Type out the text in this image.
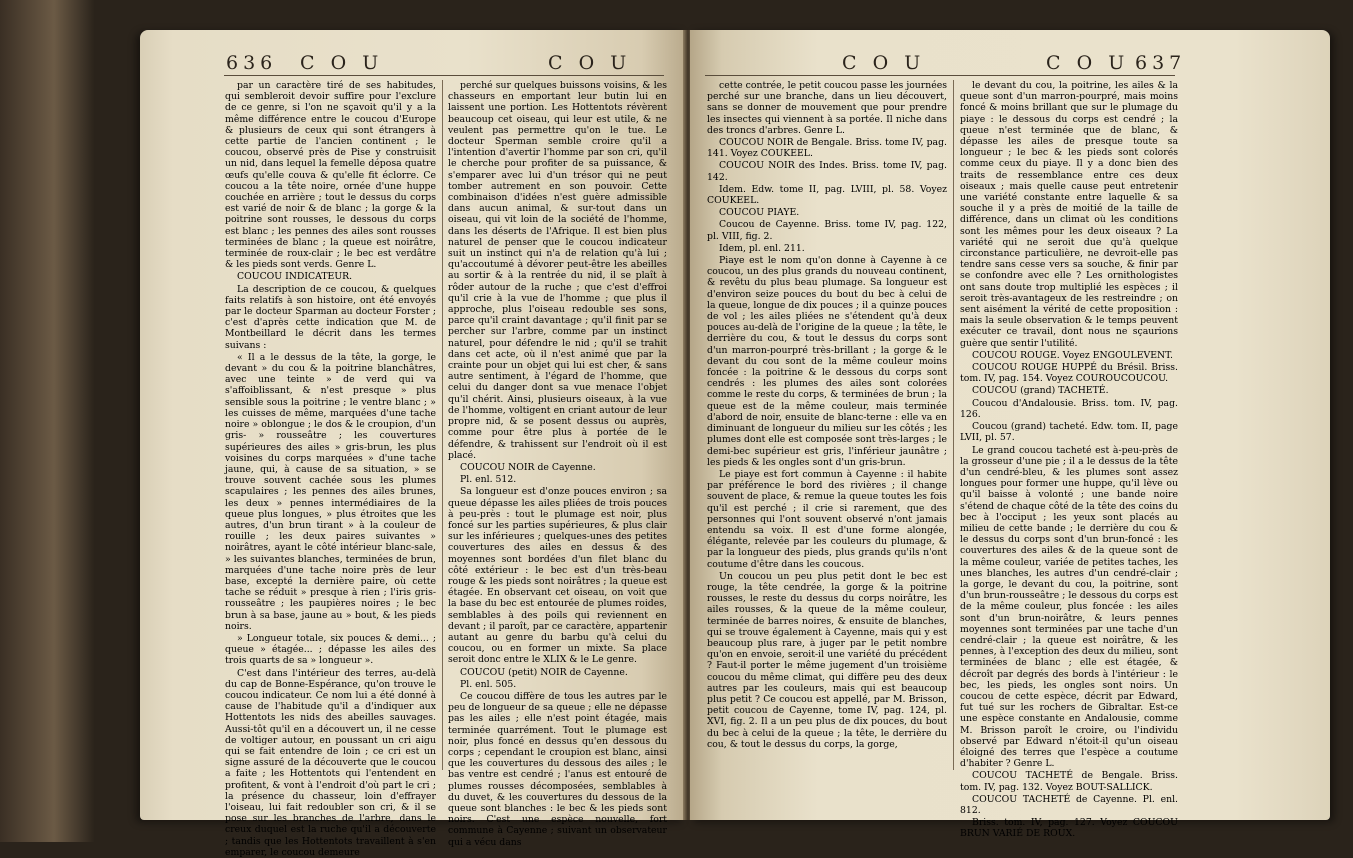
636 C O U	C O U

par un caractère tiré de ses habitudes, qui sembleroit devoir suffire pour l'exclure de ce genre, si l'on ne sçavoit qu'il y a la même différence entre le coucou d'Europe & plusieurs de ceux qui sont étrangers à cette partie de l'ancien continent ; le coucou, observé près de Pise y construisit un nid, dans lequel la femelle déposa quatre œufs qu'elle couva & qu'elle fit éclorre. Ce coucou a la tête noire, ornée d'une huppe couchée en arrière ; tout le dessus du corps est varié de noir & de blanc ; la gorge & la poitrine sont rousses, le dessous du corps est blanc ; les pennes des ailes sont rousses terminées de blanc ; la queue est noirâtre, terminée de roux-clair ; le bec est verdâtre & les pieds sont verds. Genre L.

COUCOU INDICATEUR.

La description de ce coucou, & quelques faits relatifs à son histoire, ont été envoyés par le docteur Sparman au docteur Forster ; c'est d'après cette indication que M. de Montbeillard le décrit dans les termes suivans :

« Il a le dessus de la tête, la gorge, le devant » du cou & la poitrine blanchâtres, avec une teinte » de verd qui va s'affoiblissant, & n'est presque » plus sensible sous la poitrine ; le ventre blanc ; » les cuisses de même, marquées d'une tache noire » oblongue ; le dos & le croupion, d'un gris- » rousseâtre ; les couvertures supérieures des ailes » gris-brun, les plus voisines du corps marquées » d'une tache jaune, qui, à cause de sa situation, » se trouve souvent cachée sous les plumes scapulaires ; les pennes des ailes brunes, les deux » pennes intermédiaires de la queue plus longues, » plus étroites que les autres, d'un brun tirant » à la couleur de rouille ; les deux paires suivantes » noirâtres, ayant le côté intérieur blanc-sale, » les suivantes blanches, terminées de brun, marquées d'une tache noire près de leur base, excepté la dernière paire, où cette tache se réduit » presque à rien ; l'iris gris-rousseâtre ; les paupières noires ; le bec brun à sa base, jaune au » bout, & les pieds noirs.

» Longueur totale, six pouces & demi... ; queue » étagée... ; dépasse les ailes des trois quarts de sa » longueur ».

C'est dans l'intérieur des terres, au-delà du cap de Bonne-Espérance, qu'on trouve le coucou indicateur. Ce nom lui a été donné à cause de l'habitude qu'il a d'indiquer aux Hottentots les nids des abeilles sauvages. Aussi-tôt qu'il en a découvert un, il ne cesse de voltiger autour, en poussant un cri aigu qui se fait entendre de loin ; ce cri est un signe assuré de la découverte que le coucou a faite ; les Hottentots qui l'entendent en profitent, & vont à l'endroit d'où part le cri ; la présence du chasseur, loin d'effrayer l'oiseau, lui fait redoubler son cri, & il se pose sur les branches de l'arbre, dans le creux duquel est la ruche qu'il a découverte ; tandis que les Hottentots travaillent à s'en emparer, le coucou demeure

perché sur quelques buissons voisins, & les chasseurs en emportant leur butin lui en laissent une portion. Les Hottentots révèrent beaucoup cet oiseau, qui leur est utile, & ne veulent pas permettre qu'on le tue. Le docteur Sperman semble croire qu'il a l'intention d'avertir l'homme par son cri, qu'il le cherche pour profiter de sa puissance, & s'emparer avec lui d'un trésor qui ne peut tomber autrement en son pouvoir. Cette combinaison d'idées n'est guère admissible dans aucun animal, & sur-tout dans un oiseau, qui vit loin de la société de l'homme, dans les déserts de l'Afrique. Il est bien plus naturel de penser que le coucou indicateur suit un instinct qui n'a de relation qu'à lui ; qu'accoutumé à dévorer peut-être les abeilles au sortir & à la rentrée du nid, il se plaît à rôder autour de la ruche ; que c'est d'effroi qu'il crie à la vue de l'homme ; que plus il approche, plus l'oiseau redouble ses sons, parce qu'il craint davantage ; qu'il finit par se percher sur l'arbre, comme par un instinct naturel, pour défendre le nid ; qu'il se trahit dans cet acte, où il n'est animé que par la crainte pour un objet qui lui est cher, & sans autre sentiment, à l'égard de l'homme, que celui du danger dont sa vue menace l'objet qu'il chérit. Ainsi, plusieurs oiseaux, à la vue de l'homme, voltigent en criant autour de leur propre nid, & se posent dessus ou auprès, comme pour être plus à portée de le défendre, & trahissent sur l'endroit où il est placé.

COUCOU NOIR de Cayenne.

Pl. enl. 512.

Sa longueur est d'onze pouces environ ; sa queue dépasse les ailes pliées de trois pouces à peu-près : tout le plumage est noir, plus foncé sur les parties supérieures, & plus clair sur les inférieures ; quelques-unes des petites couvertures des ailes en dessus & des moyennes sont bordées d'un filet blanc du côté extérieur : le bec est d'un très-beau rouge & les pieds sont noirâtres ; la queue est étagée. En observant cet oiseau, on voit que la base du bec est entourée de plumes roides, semblables à des poils qui reviennent en devant ; il paroît, par ce caractère, appartenir autant au genre du barbu qu'à celui du coucou, ou en former un mixte. Sa place seroit donc entre le XLIX & le Le genre.

COUCOU (petit) NOIR de Cayenne.

Pl. enl. 505.

Ce coucou diffère de tous les autres par le peu de longueur de sa queue ; elle ne dépasse pas les ailes ; elle n'est point étagée, mais terminée quarrément. Tout le plumage est noir, plus foncé en dessus qu'en dessous du corps ; cependant le croupion est blanc, ainsi que les couvertures du dessous des ailes ; le bas ventre est cendré ; l'anus est entouré de plumes rousses décomposées, semblables à du duvet, & les couvertures du dessous de la queue sont blanches : le bec & les pieds sont noirs. C'est une espèce nouvelle, fort commune à Cayenne ; suivant un observateur qui a vécu dans

C O U	C O U 637

cette contrée, le petit coucou passe les journées perché sur une branche, dans un lieu découvert, sans se donner de mouvement que pour prendre les insectes qui viennent à sa portée. Il niche dans des troncs d'arbres. Genre L.

COUCOU NOIR de Bengale. Briss. tome IV, pag. 141. Voyez COUKEEL.

COUCOU NOIR des Indes. Briss. tome IV, pag. 142.

Idem. Edw. tome II, pag. LVIII, pl. 58. Voyez COUKEEL.

COUCOU PIAYE.

Coucou de Cayenne. Briss. tome IV, pag. 122, pl. VIII, fig. 2.

Idem, pl. enl. 211.

Piaye est le nom qu'on donne à Cayenne à ce coucou, un des plus grands du nouveau continent, & revêtu du plus beau plumage. Sa longueur est d'environ seize pouces du bout du bec à celui de la queue, longue de dix pouces ; il a quinze pouces de vol ; les ailes pliées ne s'étendent qu'à deux pouces au-delà de l'origine de la queue ; la tête, le derrière du cou, & tout le dessus du corps sont d'un marron-pourpré très-brillant ; la gorge & le devant du cou sont de la même couleur moins foncée : la poitrine & le dessous du corps sont cendrés : les plumes des ailes sont colorées comme le reste du corps, & terminées de brun ; la queue est de la même couleur, mais terminée d'abord de noir, ensuite de blanc-terne : elle va en diminuant de longueur du milieu sur les côtés ; les plumes dont elle est composée sont très-larges ; le demi-bec supérieur est gris, l'inférieur jaunâtre ; les pieds & les ongles sont d'un gris-brun.

Le piaye est fort commun à Cayenne : il habite par préférence le bord des rivières ; il change souvent de place, & remue la queue toutes les fois qu'il est perché ; il crie si rarement, que des personnes qui l'ont souvent observé n'ont jamais entendu sa voix. Il est d'une forme alongée, élégante, relevée par les couleurs du plumage, & par la longueur des pieds, plus grands qu'ils n'ont coutume d'être dans les coucous.

Un coucou un peu plus petit dont le bec est rouge, la tête cendrée, la gorge & la poitrine rousses, le reste du dessus du corps noirâtre, les ailes rousses, & la queue de la même couleur, terminée de barres noires, & ensuite de blanches, qui se trouve également à Cayenne, mais qui y est beaucoup plus rare, à juger par le petit nombre qu'on en envoie, seroit-il une variété du précédent ? Faut-il porter le même jugement d'un troisième coucou du même climat, qui diffère peu des deux autres par les couleurs, mais qui est beaucoup plus petit ? Ce coucou est appellé, par M. Brisson, petit coucou de Cayenne, tome IV, pag. 124, pl. XVI, fig. 2. Il a un peu plus de dix pouces, du bout du bec à celui de la queue ; la tête, le derrière du cou, & tout le dessus du corps, la gorge,

le devant du cou, la poitrine, les ailes & la queue sont d'un marron-pourpré, mais moins foncé & moins brillant que sur le plumage du piaye : le dessous du corps est cendré ; la queue n'est terminée que de blanc, & dépasse les ailes de presque toute sa longueur ; le bec & les pieds sont colorés comme ceux du piaye. Il y a donc bien des traits de ressemblance entre ces deux oiseaux ; mais quelle cause peut entretenir une variété constante entre laquelle & sa souche il y a près de moitié de la taille de différence, dans un climat où les conditions sont les mêmes pour les deux oiseaux ? La variété qui ne seroit due qu'à quelque circonstance particulière, ne devroit-elle pas tendre sans cesse vers sa souche, & finir par se confondre avec elle ? Les ornithologistes ont sans doute trop multiplié les espèces ; il seroit très-avantageux de les restreindre ; on sent aisément la vérité de cette proposition : mais la seule observation & le temps peuvent exécuter ce travail, dont nous ne sçaurions guère que sentir l'utilité.

COUCOU ROUGE. Voyez ENGOULEVENT.

COUCOU ROUGE HUPPÉ du Brésil. Briss. tom. IV, pag. 154. Voyez COUROUCOUCOU.

COUCOU (grand) TACHETÉ.

Coucou d'Andalousie. Briss. tom. IV, pag. 126.

Coucou (grand) tacheté. Edw. tom. II, page LVII, pl. 57.

Le grand coucou tacheté est à-peu-près de la grosseur d'une pie ; il a le dessus de la tête d'un cendré-bleu, & les plumes sont assez longues pour former une huppe, qu'il lève ou qu'il baisse à volonté ; une bande noire s'étend de chaque côté de la tête des coins du bec à l'occiput ; les yeux sont placés au milieu de cette bande ; le derrière du cou & le dessus du corps sont d'un brun-foncé : les couvertures des ailes & de la queue sont de la même couleur, variée de petites taches, les unes blanches, les autres d'un cendré-clair ; la gorge, le devant du cou, la poitrine, sont d'un brun-rousseâtre ; le dessous du corps est de la même couleur, plus foncée : les ailes sont d'un brun-noirâtre, & leurs pennes moyennes sont terminées par une tache d'un cendré-clair ; la queue est noirâtre, & les pennes, à l'exception des deux du milieu, sont terminées de blanc ; elle est étagée, & décroît par degrés des bords à l'intérieur : le bec, les pieds, les ongles sont noirs. Un coucou de cette espèce, décrit par Edward, fut tué sur les rochers de Gibraltar. Est-ce une espèce constante en Andalousie, comme M. Brisson paroît le croire, ou l'individu observé par Edward n'étoit-il qu'un oiseau éloigné des terres que l'espèce a coutume d'habiter ? Genre L.

COUCOU TACHETÉ de Bengale. Briss. tom. IV, pag. 132. Voyez BOUT-SALLICK.

COUCOU TACHETÉ de Cayenne. Pl. enl. 812.

Briss. tom. IV, pag. 127. Voyez COUCOU BRUN VARIÉ DE ROUX.
